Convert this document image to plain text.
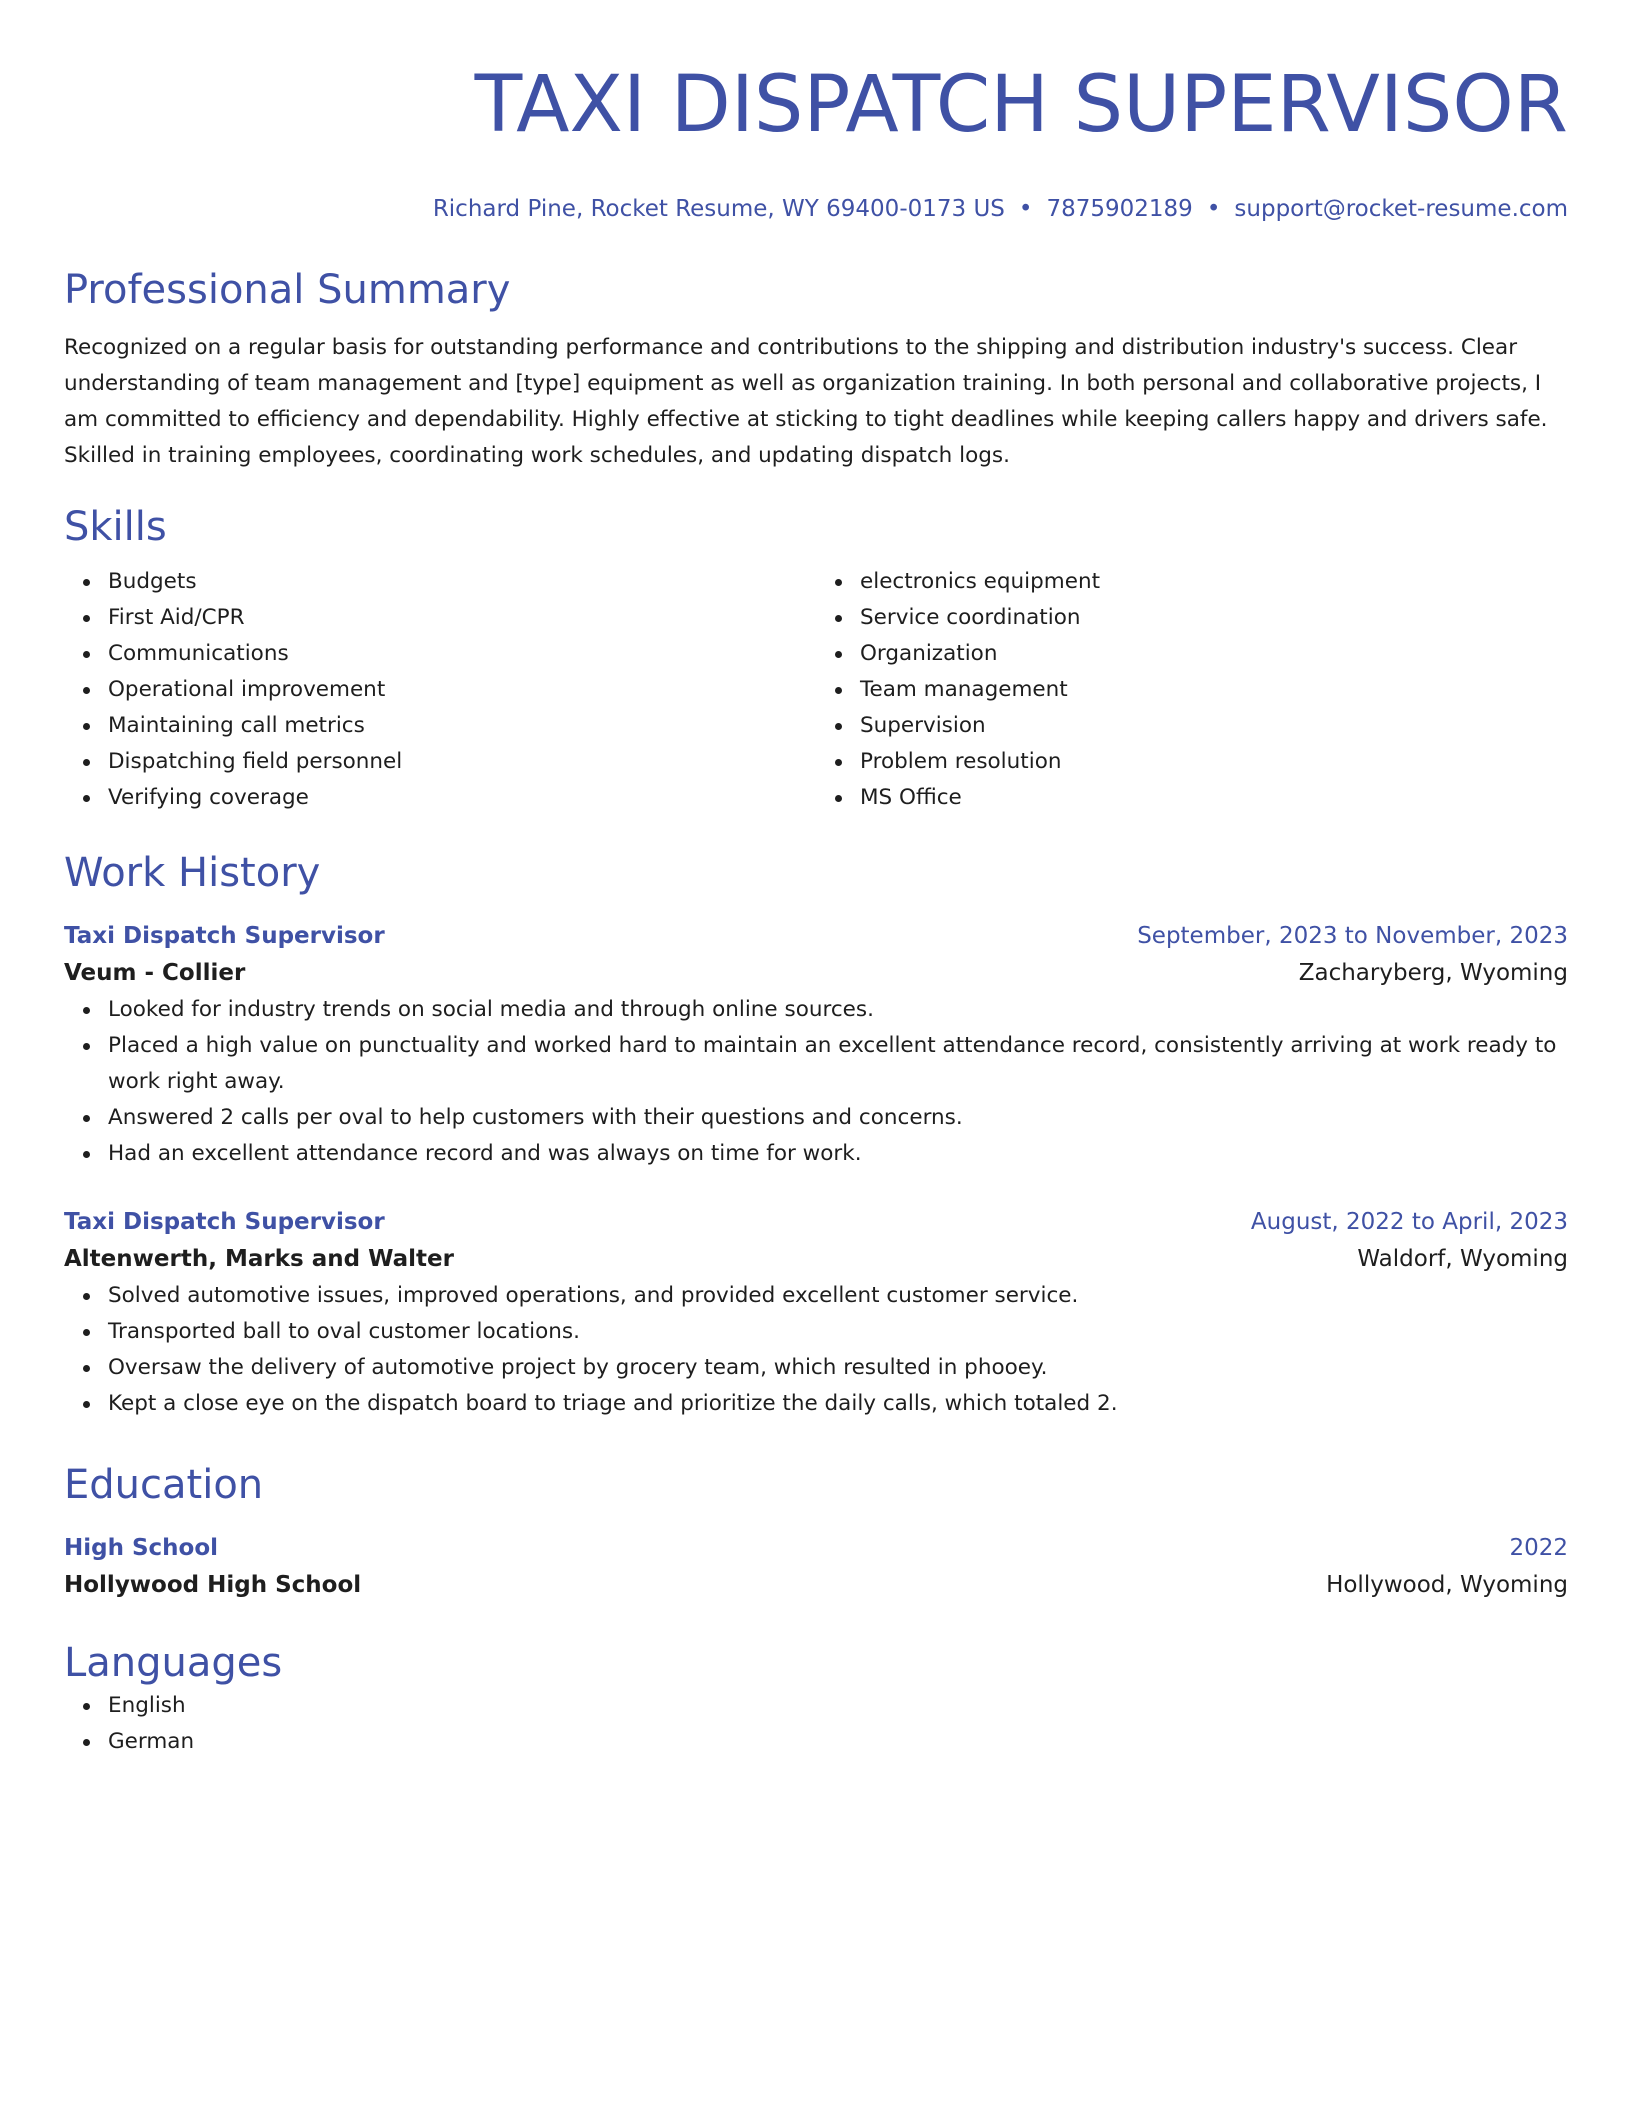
TAXI DISPATCH SUPERVISOR
Richard Pine, Rocket Resume, WY 69400-0173 US • 7875902189 • support@rocket-resume.com
Professional Summary

Recognized on a regular basis for outstanding performance and contributions to the shipping and distribution industry's success. Clear understanding of team management and [type] equipment as well as organization training. In both personal and collaborative projects, I am committed to efficiency and dependability. Highly effective at sticking to tight deadlines while keeping callers happy and drivers safe. Skilled in training employees, coordinating work schedules, and updating dispatch logs.

Skills
Budgets
First Aid/CPR
Communications
Operational improvement
Maintaining call metrics
Dispatching field personnel
Verifying coverage
electronics equipment
Service coordination
Organization
Team management
Supervision
Problem resolution
MS Office
Work History
Taxi Dispatch Supervisor	September, 2023 to November, 2023
Veum - Collier	Zacharyberg, Wyoming
Looked for industry trends on social media and through online sources.
Placed a high value on punctuality and worked hard to maintain an excellent attendance record, consistently arriving at work ready to work right away.
Answered 2 calls per oval to help customers with their questions and concerns.
Had an excellent attendance record and was always on time for work.
Taxi Dispatch Supervisor	August, 2022 to April, 2023
Altenwerth, Marks and Walter	Waldorf, Wyoming
Solved automotive issues, improved operations, and provided excellent customer service.
Transported ball to oval customer locations.
Oversaw the delivery of automotive project by grocery team, which resulted in phooey.
Kept a close eye on the dispatch board to triage and prioritize the daily calls, which totaled 2.
Education
High School	2022
Hollywood High School	Hollywood, Wyoming
Languages
English
German
